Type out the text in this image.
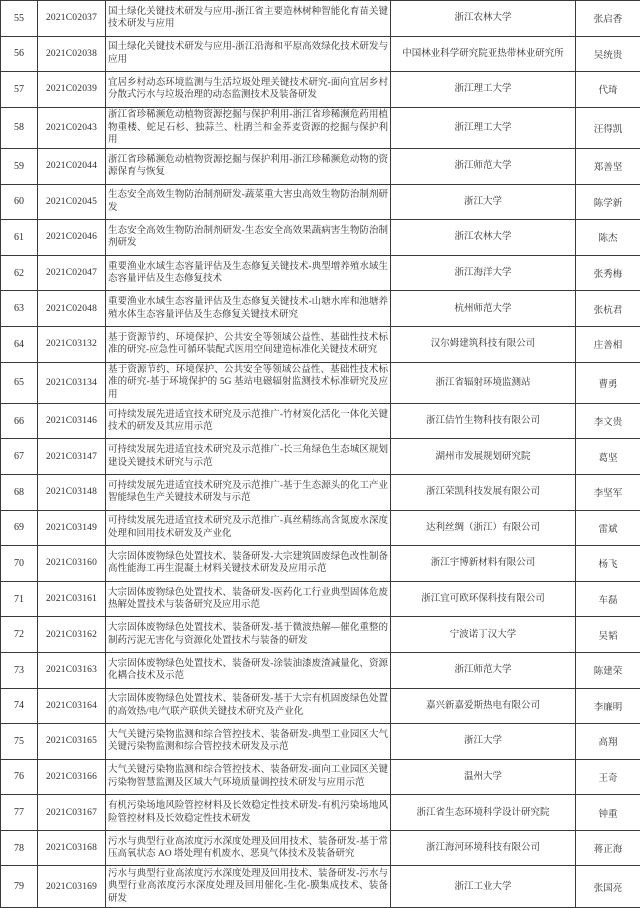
55	2021C02037	国土绿化关键技术研发与应用-浙江省主要造林树种智能化育苗关键技术研发与应用	浙江农林大学	张启香
56	2021C02038	国土绿化关键技术研发与应用-浙江沿海和平原高效绿化技术研发与应用	中国林业科学研究院亚热带林业研究所	吴统贵
57	2021C02039	宜居乡村动态环境监测与生活垃圾处理关键技术研究-面向宜居乡村分散式污水与垃圾治理的动态监测技术及装备研发	浙江理工大学	代琦
58	2021C02043	浙江省珍稀濒危动植物资源挖掘与保护利用-浙江省珍稀濒危药用植物重楼、蛇足石杉、独蒜兰、杜鹃兰和金荞麦资源的挖掘与保护利用	浙江理工大学	汪得凯
59	2021C02044	浙江省珍稀濒危动植物资源挖掘与保护利用-浙江珍稀濒危动物的资源保育与恢复	浙江师范大学	郑善坚
60	2021C02045	生态安全高效生物防治制剂研发-蔬菜重大害虫高效生物防治制剂研发	浙江大学	陈学新
61	2021C02046	生态安全高效生物防治制剂研发-生态安全高效果蔬病害生物防治制剂研发	浙江农林大学	陈杰
62	2021C02047	重要渔业水域生态容量评估及生态修复关键技术-典型增养殖水域生态容量评估及生态修复技术	浙江海洋大学	张秀梅
63	2021C02048	重要渔业水域生态容量评估及生态修复关键技术-山塘水库和池塘养殖水体生态容量评估及生态修复关键技术研究	杭州师范大学	张杭君
64	2021C03132	基于资源节约、环境保护、公共安全等领域公益性、基础性技术标准的研究-应急性可循环装配式医用空间建造标准化关键技术研究	汉尔姆建筑科技有限公司	庄善相
65	2021C03134	基于资源节约、环境保护、公共安全等领域公益性、基础性技术标准的研究-基于环境保护的 5G 基站电磁辐射监测技术标准研究及应用	浙江省辐射环境监测站	曹勇
66	2021C03146	可持续发展先进适宜技术研究及示范推广-竹材炭化活化一体化关键技术的研发及其应用示范	浙江佶竹生物科技有限公司	李文贵
67	2021C03147	可持续发展先进适宜技术研究及示范推广-长三角绿色生态城区规划建设关键技术研究与示范	湖州市发展规划研究院	葛坚
68	2021C03148	可持续发展先进适宜技术研究及示范推广-基于生态源头的化工产业智能绿色生产关键技术研发与示范	浙江荣凯科技发展有限公司	李坚军
69	2021C03149	可持续发展先进适宜技术研究及示范推广-真丝精练高含氮废水深度处理和回用技术研发及产业化	达利丝绸（浙江）有限公司	雷斌
70	2021C03160	大宗固体废物绿色处置技术、装备研发-大宗建筑固废绿色改性制备高性能海工再生混凝土材料关键技术研发及应用示范	浙江宇博新材料有限公司	杨飞
71	2021C03161	大宗固体废物绿色处置技术、装备研发-医药化工行业典型固体危废热解处置技术与装备研究及应用示范	浙江宜可欧环保科技有限公司	车磊
72	2021C03162	大宗固体废物绿色处置技术、装备研发-基于微波热解—催化重整的制药污泥无害化与资源化处置技术与装备的研发	宁波诺丁汉大学	吴韬
73	2021C03163	大宗固体废物绿色处置技术、装备研发-涂装油漆废渣减量化、资源化耦合技术及示范	浙江师范大学	陈建荣
74	2021C03164	大宗固体废物绿色处置技术、装备研发-基于大宗有机固废绿色处置的高效热/电/气联产联供关键技术研究及产业化	嘉兴新嘉爱斯热电有限公司	李廉明
75	2021C03165	大气关键污染物监测和综合管控技术、装备研发-典型工业园区大气关键污染物监测和综合管控技术研发及示范	浙江大学	高翔
76	2021C03166	大气关键污染物监测和综合管控技术、装备研发-面向工业园区关键污染物智慧监测及区域大气环境质量调控技术研发与应用示范	温州大学	王奇
77	2021C03167	有机污染场地风险管控材料及长效稳定性技术研发-有机污染场地风险管控材料及长效稳定性技术研发	浙江省生态环境科学设计研究院	钟重
78	2021C03168	污水与典型行业高浓度污水深度处理及回用技术、装备研发-基于常压高氧状态 AO 塔处理有机废水、恶臭气体技术及装备研究	浙江海河环境科技有限公司	蒋正海
79	2021C03169	污水与典型行业高浓度污水深度处理及回用技术、装备研发-污水与典型行业高浓度污水深度处理及回用催化-生化-膜集成技术、装备研发	浙江工业大学	张国亮
